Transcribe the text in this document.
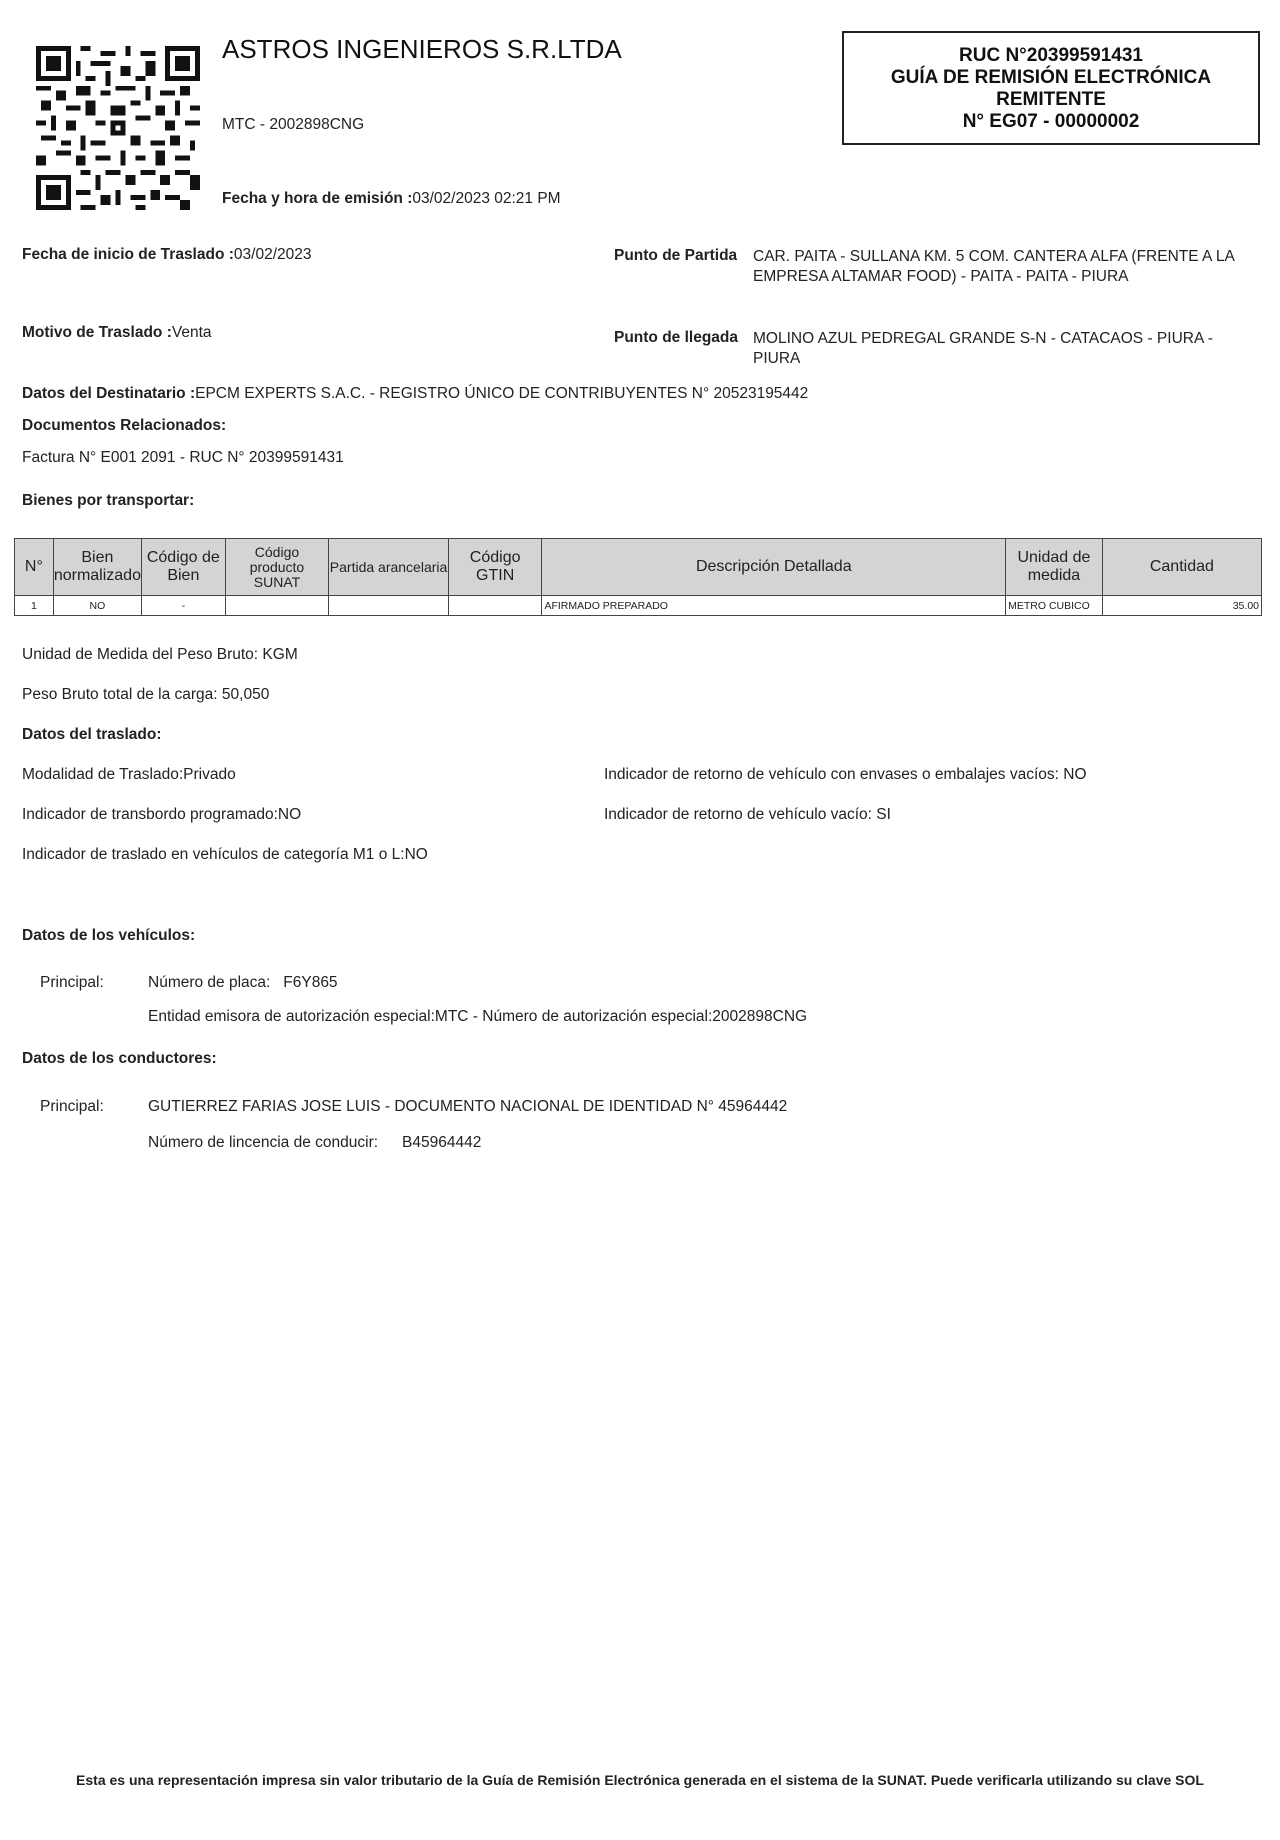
ASTROS INGENIEROS S.R.LTDA
MTC - 2002898CNG
Fecha y hora de emisión :03/02/2023 02:21 PM
RUC N°20399591431
GUÍA DE REMISIÓN ELECTRÓNICA
REMITENTE
N° EG07 - 00000002
Fecha de inicio de Traslado :03/02/2023	Punto de Partida CAR. PAITA - SULLANA KM. 5 COM. CANTERA ALFA (FRENTE A LA EMPRESA ALTAMAR FOOD) - PAITA - PAITA - PIURA
Motivo de Traslado :Venta	Punto de llegada MOLINO AZUL PEDREGAL GRANDE S-N - CATACAOS - PIURA - PIURA
Datos del Destinatario :EPCM EXPERTS S.A.C. - REGISTRO ÚNICO DE CONTRIBUYENTES N° 20523195442
Documentos Relacionados:
Factura N° E001 2091 - RUC N° 20399591431
Bienes por transportar:
N°	Bien normalizado	Código de Bien	Código producto SUNAT	Partida arancelaria	Código GTIN	Descripción Detallada	Unidad de medida	Cantidad
1	NO	-				AFIRMADO PREPARADO	METRO CUBICO	35.00
Unidad de Medida del Peso Bruto: KGM
Peso Bruto total de la carga: 50,050
Datos del traslado:
Modalidad de Traslado:Privado	Indicador de retorno de vehículo con envases o embalajes vacíos: NO
Indicador de transbordo programado:NO	Indicador de retorno de vehículo vacío: SI
Indicador de traslado en vehículos de categoría M1 o L:NO
Datos de los vehículos:
Principal:	Número de placa: F6Y865
Entidad emisora de autorización especial:MTC - Número de autorización especial:2002898CNG
Datos de los conductores:
Principal:	GUTIERREZ FARIAS JOSE LUIS - DOCUMENTO NACIONAL DE IDENTIDAD N° 45964442
Número de lincencia de conducir: B45964442
Esta es una representación impresa sin valor tributario de la Guía de Remisión Electrónica generada en el sistema de la SUNAT. Puede verificarla utilizando su clave SOL
